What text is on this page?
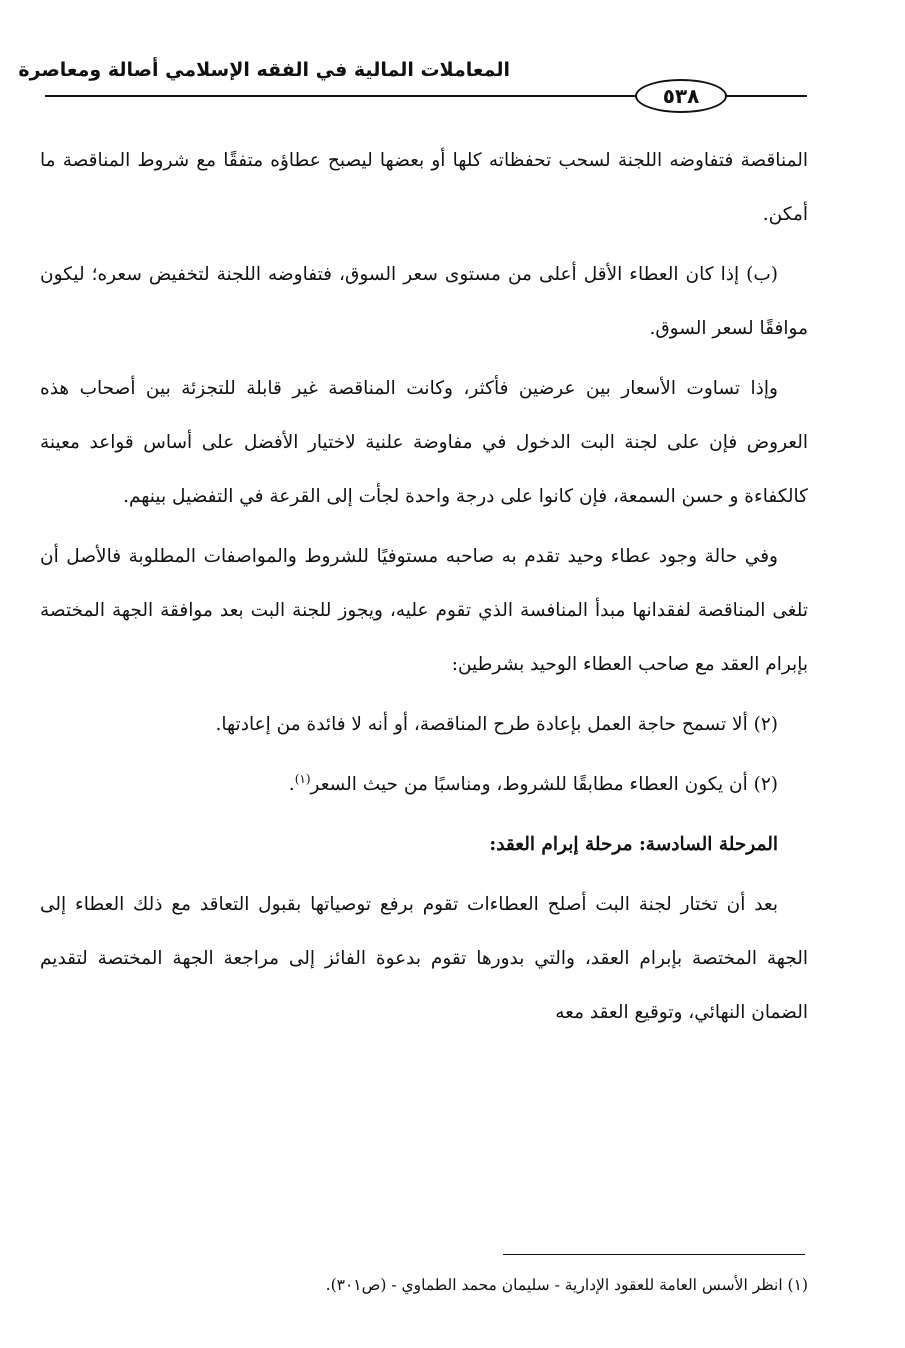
المعاملات المالية في الفقه الإسلامي أصالة ومعاصرة
٥٣٨

المناقصة فتفاوضه اللجنة لسحب تحفظاته كلها أو بعضها ليصبح عطاؤه متفقًا مع شروط المناقصة ما أمكن.

(ب) إذا كان العطاء الأقل أعلى من مستوى سعر السوق، فتفاوضه اللجنة لتخفيض سعره؛ ليكون موافقًا لسعر السوق.

وإذا تساوت الأسعار بين عرضين فأكثر، وكانت المناقصة غير قابلة للتجزئة بين أصحاب هذه العروض فإن على لجنة البت الدخول في مفاوضة علنية لاختيار الأفضل على أساس قواعد معينة كالكفاءة و حسن السمعة، فإن كانوا على درجة واحدة لجأت إلى القرعة في التفضيل بينهم.

وفي حالة وجود عطاء وحيد تقدم به صاحبه مستوفيًا للشروط والمواصفات المطلوبة فالأصل أن تلغى المناقصة لفقدانها مبدأ المنافسة الذي تقوم عليه، ويجوز للجنة البت بعد موافقة الجهة المختصة بإبرام العقد مع صاحب العطاء الوحيد بشرطين:

(٢) ألا تسمح حاجة العمل بإعادة طرح المناقصة، أو أنه لا فائدة من إعادتها.

(٢) أن يكون العطاء مطابقًا للشروط، ومناسبًا من حيث السعر$^{(١)}$.

المرحلة السادسة: مرحلة إبرام العقد:

بعد أن تختار لجنة البت أصلح العطاءات تقوم برفع توصياتها بقبول التعاقد مع ذلك العطاء إلى الجهة المختصة بإبرام العقد، والتي بدورها تقوم بدعوة الفائز إلى مراجعة الجهة المختصة لتقديم الضمان النهائي، وتوقيع العقد معه

(١) انظر الأسس العامة للعقود الإدارية - سليمان محمد الطماوي - (ص٣٠١).
